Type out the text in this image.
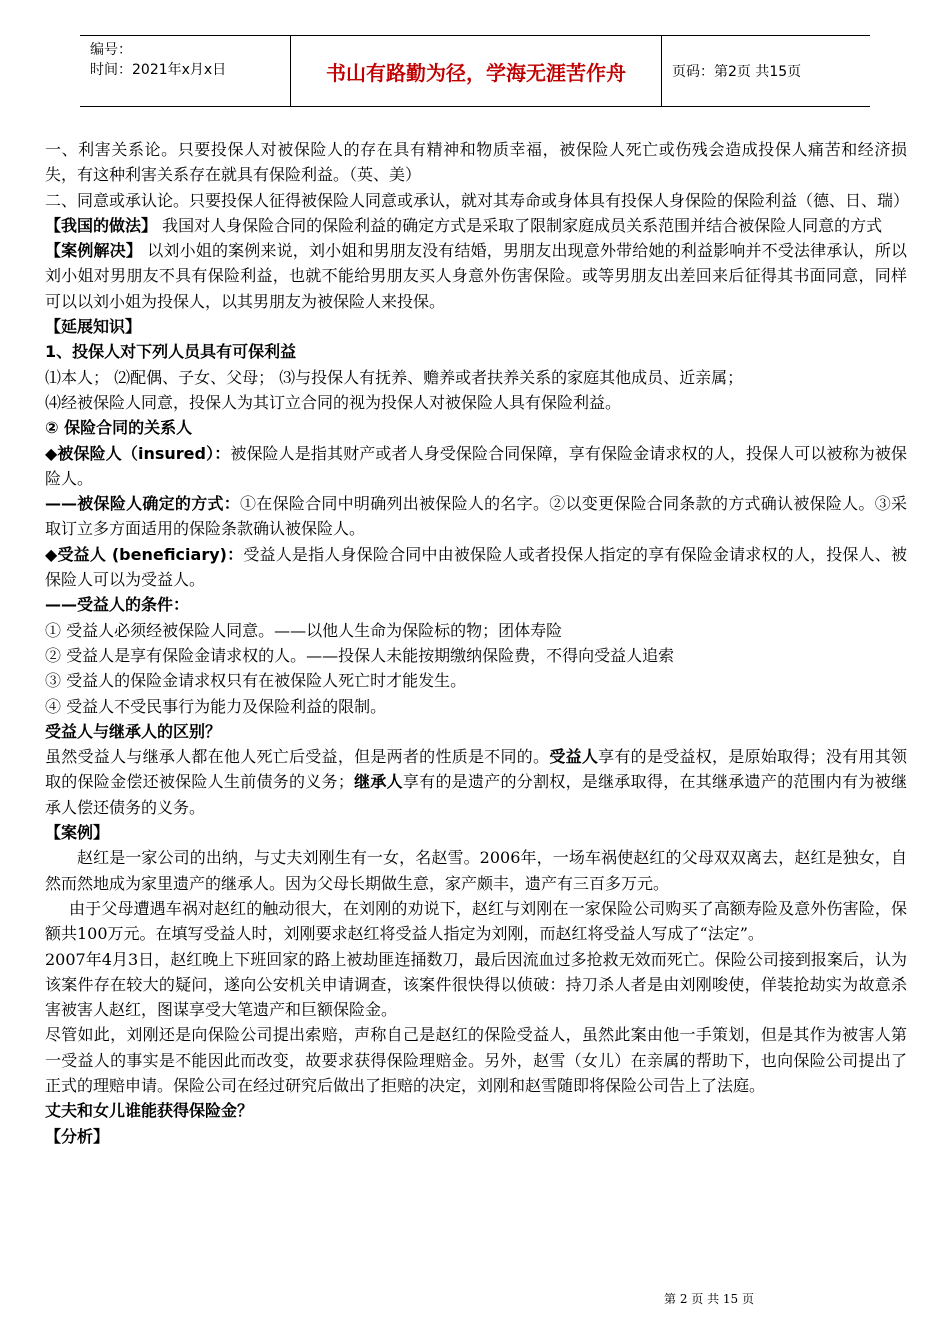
编号：
时间：2021年x月x日	书山有路勤为径，学海无涯苦作舟	页码：第2页 共15页

一、利害关系论。只要投保人对被保险人的存在具有精神和物质幸福，被保险人死亡或伤残会造成投保人痛苦和经济损失，有这种利害关系存在就具有保险利益。（英、美）

二、同意或承认论。只要投保人征得被保险人同意或承认，就对其寿命或身体具有投保人身保险的保险利益（德、日、瑞）

【我国的做法】 我国对人身保险合同的保险利益的确定方式是采取了限制家庭成员关系范围并结合被保险人同意的方式

【案例解决】 以刘小姐的案例来说，刘小姐和男朋友没有结婚，男朋友出现意外带给她的利益影响并不受法律承认，所以刘小姐对男朋友不具有保险利益，也就不能给男朋友买人身意外伤害保险。或等男朋友出差回来后征得其书面同意，同样可以以刘小姐为投保人，以其男朋友为被保险人来投保。

【延展知识】

1、投保人对下列人员具有可保利益

⑴本人； ⑵配偶、子女、父母； ⑶与投保人有抚养、赡养或者扶养关系的家庭其他成员、近亲属；

⑷经被保险人同意，投保人为其订立合同的视为投保人对被保险人具有保险利益。

② 保险合同的关系人

◆被保险人（insured）：被保险人是指其财产或者人身受保险合同保障，享有保险金请求权的人，投保人可以被称为被保险人。

——被保险人确定的方式：①在保险合同中明确列出被保险人的名字。②以变更保险合同条款的方式确认被保险人。③采取订立多方面适用的保险条款确认被保险人。

◆受益人 (beneficiary)：受益人是指人身保险合同中由被保险人或者投保人指定的享有保险金请求权的人，投保人、被保险人可以为受益人。

——受益人的条件：

① 受益人必须经被保险人同意。——以他人生命为保险标的物；团体寿险

② 受益人是享有保险金请求权的人。——投保人未能按期缴纳保险费，不得向受益人追索

③ 受益人的保险金请求权只有在被保险人死亡时才能发生。

④ 受益人不受民事行为能力及保险利益的限制。

受益人与继承人的区别？

虽然受益人与继承人都在他人死亡后受益，但是两者的性质是不同的。受益人享有的是受益权，是原始取得；没有用其领取的保险金偿还被保险人生前债务的义务；继承人享有的是遗产的分割权，是继承取得，在其继承遗产的范围内有为被继承人偿还债务的义务。

【案例】

赵红是一家公司的出纳，与丈夫刘刚生有一女，名赵雪。2006年，一场车祸使赵红的父母双双离去，赵红是独女，自然而然地成为家里遗产的继承人。因为父母长期做生意，家产颇丰，遗产有三百多万元。

由于父母遭遇车祸对赵红的触动很大，在刘刚的劝说下，赵红与刘刚在一家保险公司购买了高额寿险及意外伤害险，保额共100万元。在填写受益人时，刘刚要求赵红将受益人指定为刘刚，而赵红将受益人写成了“法定”。

2007年4月3日，赵红晚上下班回家的路上被劫匪连捅数刀，最后因流血过多抢救无效而死亡。保险公司接到报案后，认为该案件存在较大的疑问，遂向公安机关申请调查，该案件很快得以侦破：持刀杀人者是由刘刚唆使，佯装抢劫实为故意杀害被害人赵红，图谋享受大笔遗产和巨额保险金。

尽管如此，刘刚还是向保险公司提出索赔，声称自己是赵红的保险受益人，虽然此案由他一手策划，但是其作为被害人第一受益人的事实是不能因此而改变，故要求获得保险理赔金。另外，赵雪（女儿）在亲属的帮助下，也向保险公司提出了正式的理赔申请。保险公司在经过研究后做出了拒赔的决定，刘刚和赵雪随即将保险公司告上了法庭。

丈夫和女儿谁能获得保险金？

【分析】

第 2 页 共 15 页
